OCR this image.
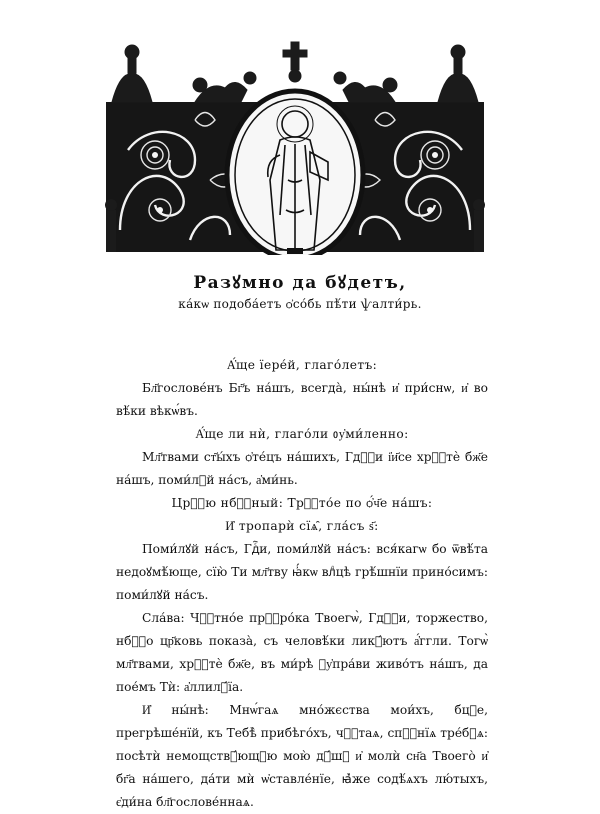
Разꙋмно да бꙋдетъ,
ка́кѡ подоба́етъ ѻ҆со́бь пѣ́ти ѱалти́рь.

А҆́ще їере́й, глаго́летъ:

Бл҃гослове́нъ Бг҃ъ на́шъ, всегда̀, ны́нѣ и҆ при́снѡ, и҆ во вѣ́ки вѣкѡ́въ.

А҆́ще ли нѝ, глаго́ли ᲂу҆ми́ленно:

Мл҃твами ст҃ы́хъ ѻ҆те́цъ на́шихъ, Гдⷭ҇и і҆и҃се хрⷭ҇тѐ бж҃е на́шъ, поми́лꙋй на́съ, а҆ми́нь.

Црⷭ҇ю нбⷭ҇ный: Трⷭ҇то́е по ѻ҆́ч҃е на́шъ:

И҆ тропарѝ сїѧ̑, гла́съ ѕ҃:

Поми́лꙋй на́съ, Гдⷭ҇и, поми́лꙋй на́съ: вся́кагѡ бо ѿвѣ́та недоꙋмѣ́юще, сїю̀ Ти мл҃тву ꙗ҆́кѡ влⷣцѣ грѣ́шнїи прино́симъ: поми́лꙋй на́съ.

Сла́ва: Чⷭ҇тно́е прⷪ҇ро́ка Твоегѡ̀, Гдⷭ҇и, торжество, нбⷭ҇о цр҃ковь показа̀, съ человѣ́ки ликꙋ́ютъ а҆́ггли. Тогѡ̀ мл҃твами, хрⷭ҇тѐ бж҃е, въ ми́рѣ ᲂу҆пра́ви живо́тъ на́шъ, да пое́мъ Тѝ: а҆ллилꙋ́їа.

И҆ ны́нѣ: Мнѡ́гаѧ мно́жєства мои́хъ, бцⷣе, прегрѣше́нїй, къ Тебѣ̀ прибѣго́хъ, чⷭ҇таѧ, спⷭ҇нїѧ тре́бꙋѧ: посѣтѝ немощствꙋ́ющꙋю мою̀ дꙋ́шꙋ и҆ молѝ сн҃а Твоего̀ и҆ бг҃а на́шего, да́ти мѝ ѡ҆ставле́нїе, ꙗ҆̀же содѣ́ѧхъ лю́тыхъ, є҆ди́на бл҃гослове́ннаѧ.
